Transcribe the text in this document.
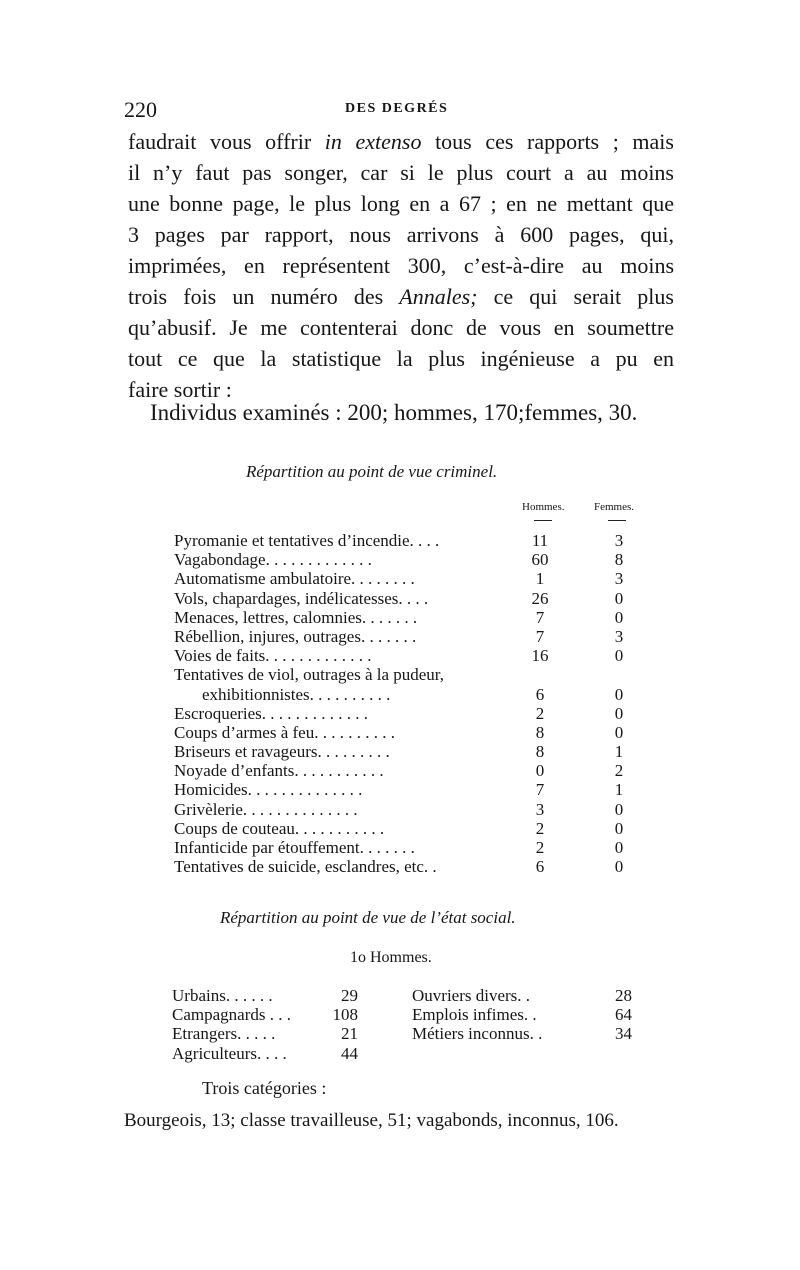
220	DES DEGRÉS
faudrait vous offrir in extenso tous ces rapports ; mais
il n’y faut pas songer, car si le plus court a au moins
une bonne page, le plus long en a 67 ; en ne mettant que
3 pages par rapport, nous arrivons à 600 pages, qui,
imprimées, en représentent 300, c’est-à-dire au moins
trois fois un numéro des Annales; ce qui serait plus
qu’abusif. Je me contenterai donc de vous en soumettre
tout ce que la statistique la plus ingénieuse a pu en
faire sortir :
Individus examinés : 200; hommes, 170;femmes, 30.
Répartition au point de vue criminel.
Hommes.	Femmes.
Pyromanie et tentatives d’incendie. . . .	11	3
Vagabondage. . . . . . . . . . . . .	60	8
Automatisme ambulatoire. . . . . . . .	1	3
Vols, chapardages, indélicatesses. . . .	26	0
Menaces, lettres, calomnies. . . . . . .	7	0
Rébellion, injures, outrages. . . . . . .	7	3
Voies de faits. . . . . . . . . . . . .	16	0
Tentatives de viol, outrages à la pudeur,
exhibitionnistes. . . . . . . . . .	6	0
Escroqueries. . . . . . . . . . . . .	2	0
Coups d’armes à feu. . . . . . . . . .	8	0
Briseurs et ravageurs. . . . . . . . .	8	1
Noyade d’enfants. . . . . . . . . . .	0	2
Homicides. . . . . . . . . . . . . .	7	1
Grivèlerie. . . . . . . . . . . . . .	3	0
Coups de couteau. . . . . . . . . . .	2	0
Infanticide par étouffement. . . . . . .	2	0
Tentatives de suicide, esclandres, etc. .	6	0
Répartition au point de vue de l’état social.
1o Hommes.
Urbains. . . . . .	29
Campagnards . . .	108
Etrangers. . . . .	21
Agriculteurs. . . .	44
Ouvriers divers. .	28
Emplois infimes. .	64
Métiers inconnus. .	34
Trois catégories :
Bourgeois, 13; classe travailleuse, 51; vagabonds, inconnus, 106.
